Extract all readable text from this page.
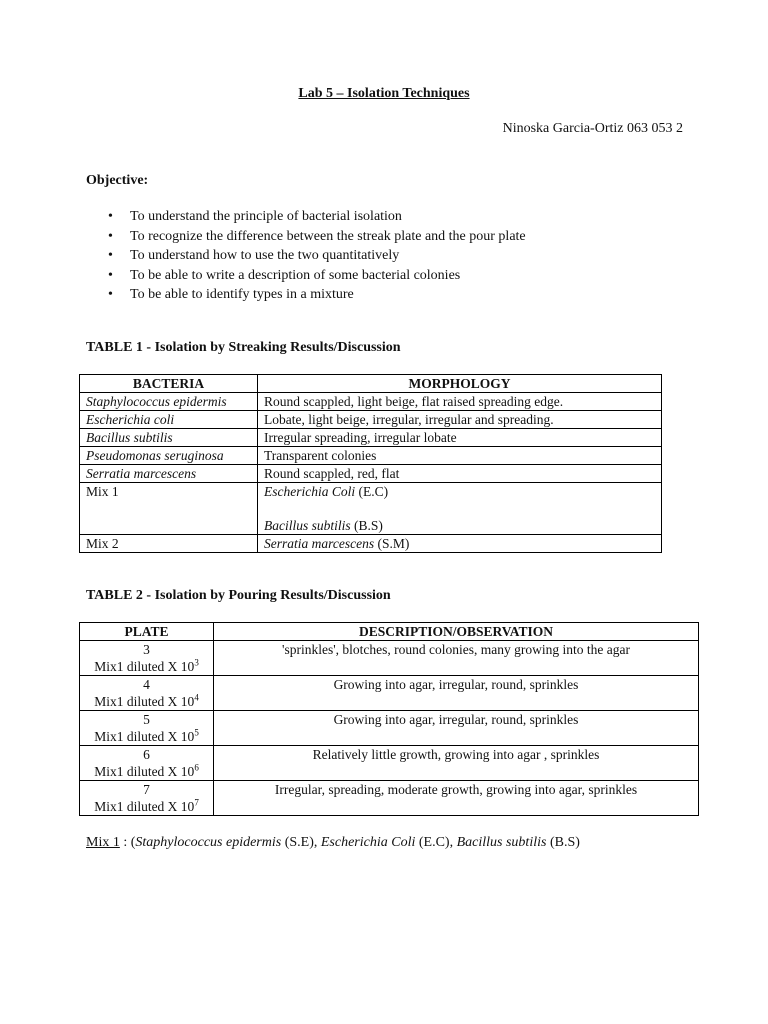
Lab 5 – Isolation Techniques
Ninoska Garcia-Ortiz 063 053 2
Objective:
• To understand the principle of bacterial isolation
• To recognize the difference between the streak plate and the pour plate
• To understand how to use the two quantitatively
• To be able to write a description of some bacterial colonies
• To be able to identify types in a mixture
TABLE 1 - Isolation by Streaking Results/Discussion
BACTERIA	MORPHOLOGY
Staphylococcus epidermis	Round scappled, light beige, flat raised spreading edge.
Escherichia coli	Lobate, light beige, irregular, irregular and spreading.
Bacillus subtilis	Irregular spreading, irregular lobate
Pseudomonas seruginosa	Transparent colonies
Serratia marcescens	Round scappled, red, flat
Mix 1	Escherichia Coli (E.C)
Bacillus subtilis (B.S)

Mix 2	Serratia marcescens (S.M)
TABLE 2 - Isolation by Pouring Results/Discussion
PLATE	DESCRIPTION/OBSERVATION
3
Mix1 diluted X $10^3$	'sprinkles', blotches, round colonies, many growing into the agar
4
Mix1 diluted X $10^4$	Growing into agar, irregular, round, sprinkles
5
Mix1 diluted X $10^5$	Growing into agar, irregular, round, sprinkles
6
Mix1 diluted X $10^6$	Relatively little growth, growing into agar , sprinkles
7
Mix1 diluted X $10^7$	Irregular, spreading, moderate growth, growing into agar, sprinkles
Mix 1 : (Staphylococcus epidermis (S.E), Escherichia Coli (E.C), Bacillus subtilis (B.S)
